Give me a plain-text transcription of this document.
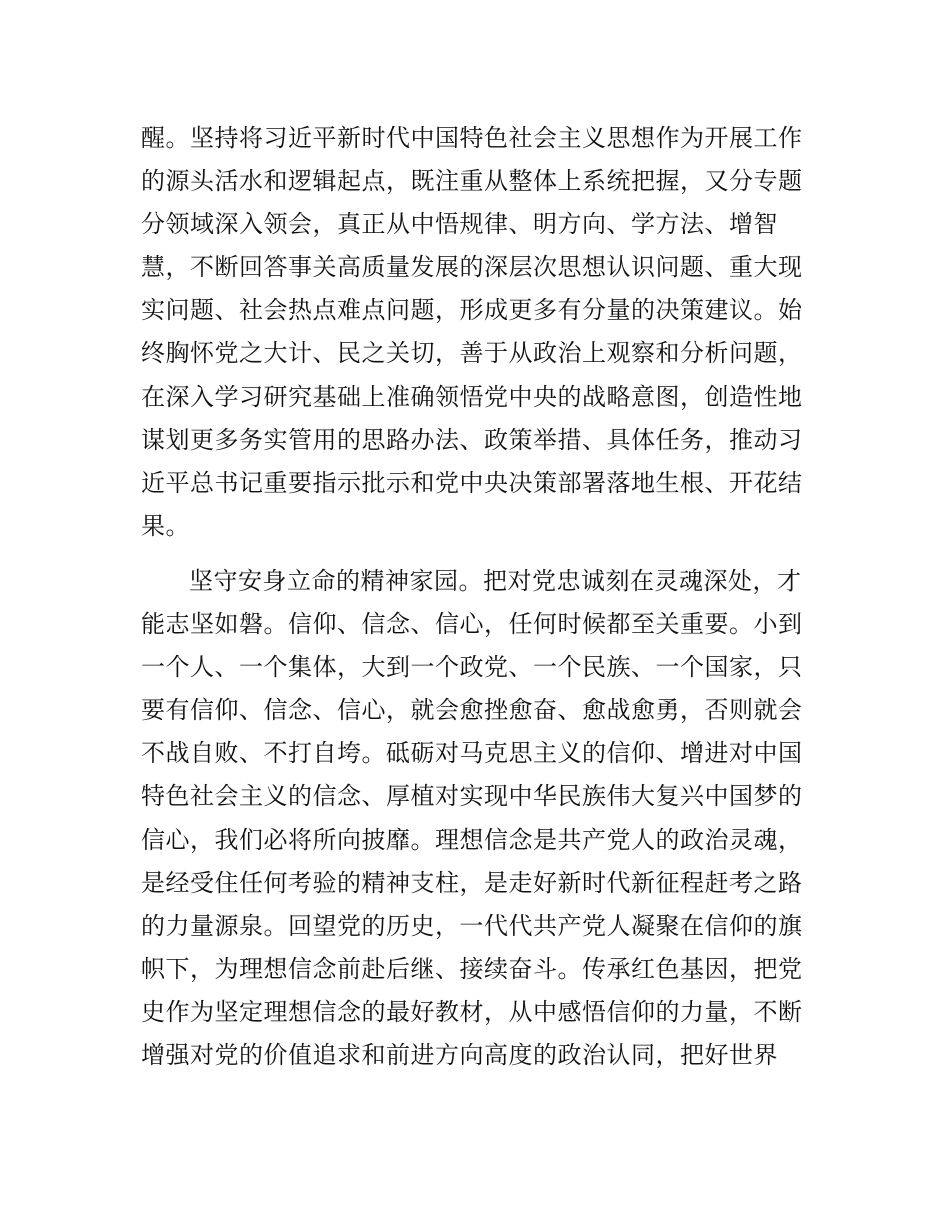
醒。坚持将习近平新时代中国特色社会主义思想作为开展工作
的源头活水和逻辑起点，既注重从整体上系统把握，又分专题
分领域深入领会，真正从中悟规律、明方向、学方法、增智
慧，不断回答事关高质量发展的深层次思想认识问题、重大现
实问题、社会热点难点问题，形成更多有分量的决策建议。始
终胸怀党之大计、民之关切，善于从政治上观察和分析问题，
在深入学习研究基础上准确领悟党中央的战略意图，创造性地
谋划更多务实管用的思路办法、政策举措、具体任务，推动习
近平总书记重要指示批示和党中央决策部署落地生根、开花结
果。
坚守安身立命的精神家园。把对党忠诚刻在灵魂深处，才
能志坚如磐。信仰、信念、信心，任何时候都至关重要。小到
一个人、一个集体，大到一个政党、一个民族、一个国家，只
要有信仰、信念、信心，就会愈挫愈奋、愈战愈勇，否则就会
不战自败、不打自垮。砥砺对马克思主义的信仰、增进对中国
特色社会主义的信念、厚植对实现中华民族伟大复兴中国梦的
信心，我们必将所向披靡。理想信念是共产党人的政治灵魂，
是经受住任何考验的精神支柱，是走好新时代新征程赶考之路
的力量源泉。回望党的历史，一代代共产党人凝聚在信仰的旗
帜下，为理想信念前赴后继、接续奋斗。传承红色基因，把党
史作为坚定理想信念的最好教材，从中感悟信仰的力量，不断
增强对党的价值追求和前进方向高度的政治认同，把好世界
